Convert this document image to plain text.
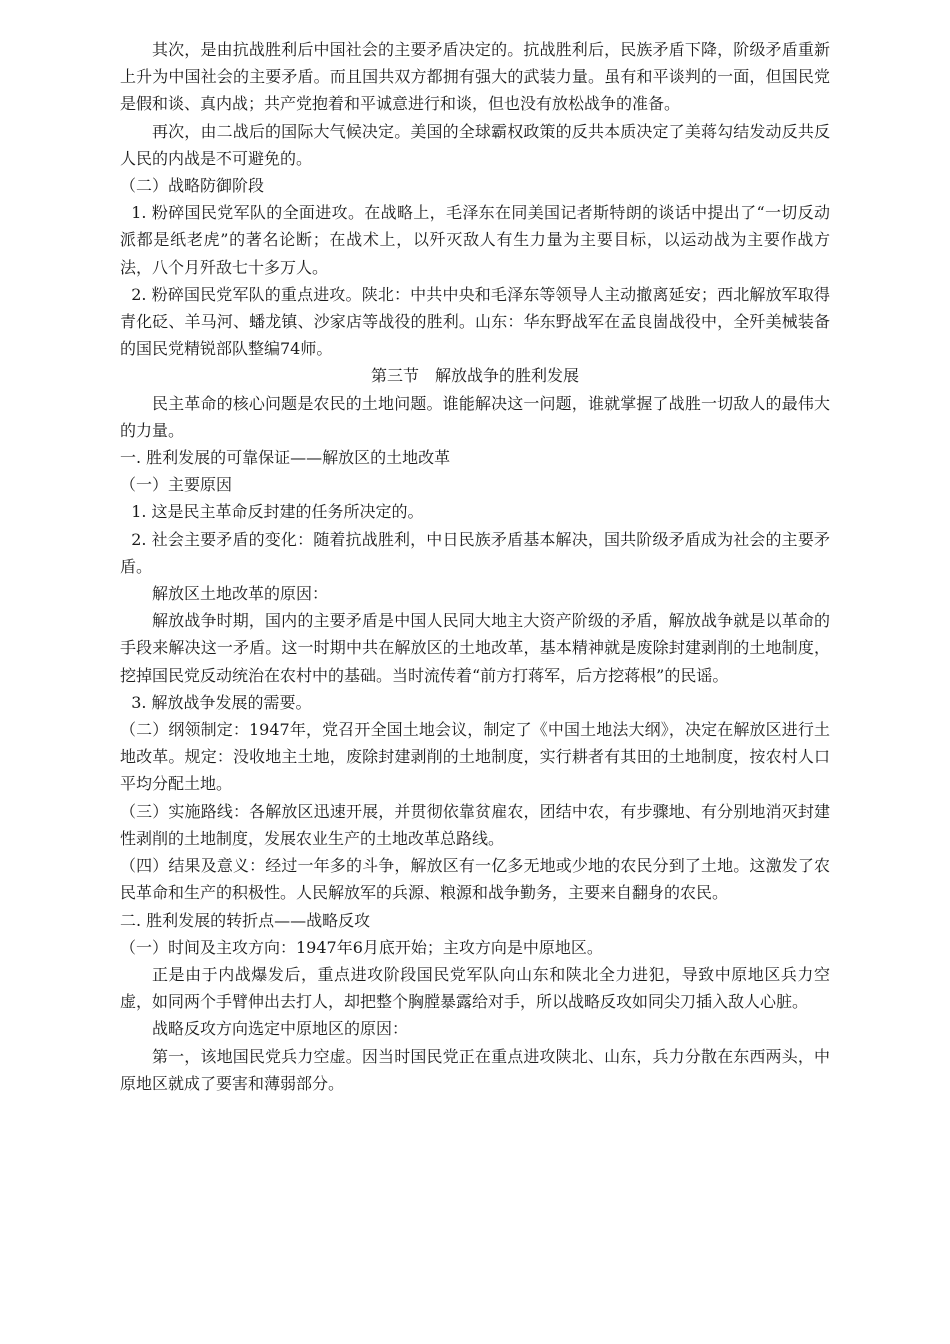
其次，是由抗战胜利后中国社会的主要矛盾决定的。抗战胜利后，民族矛盾下降，阶级矛盾重新上升为中国社会的主要矛盾。而且国共双方都拥有强大的武装力量。虽有和平谈判的一面，但国民党是假和谈、真内战；共产党抱着和平诚意进行和谈，但也没有放松战争的准备。

再次，由二战后的国际大气候决定。美国的全球霸权政策的反共本质决定了美蒋勾结发动反共反人民的内战是不可避免的。

（二）战略防御阶段

1. 粉碎国民党军队的全面进攻。在战略上，毛泽东在同美国记者斯特朗的谈话中提出了“一切反动派都是纸老虎”的著名论断；在战术上，以歼灭敌人有生力量为主要目标，以运动战为主要作战方法，八个月歼敌七十多万人。

2. 粉碎国民党军队的重点进攻。陕北：中共中央和毛泽东等领导人主动撤离延安；西北解放军取得青化砭、羊马河、蟠龙镇、沙家店等战役的胜利。山东：华东野战军在孟良崮战役中，全歼美械装备的国民党精锐部队整编74师。

第三节　解放战争的胜利发展

民主革命的核心问题是农民的土地问题。谁能解决这一问题，谁就掌握了战胜一切敌人的最伟大的力量。

一. 胜利发展的可靠保证——解放区的土地改革

（一）主要原因

1. 这是民主革命反封建的任务所决定的。

2. 社会主要矛盾的变化：随着抗战胜利，中日民族矛盾基本解决，国共阶级矛盾成为社会的主要矛盾。

解放区土地改革的原因：

解放战争时期，国内的主要矛盾是中国人民同大地主大资产阶级的矛盾，解放战争就是以革命的手段来解决这一矛盾。这一时期中共在解放区的土地改革，基本精神就是废除封建剥削的土地制度，挖掉国民党反动统治在农村中的基础。当时流传着“前方打蒋军，后方挖蒋根”的民谣。

3. 解放战争发展的需要。

（二）纲领制定：1947年，党召开全国土地会议，制定了《中国土地法大纲》，决定在解放区进行土地改革。规定：没收地主土地，废除封建剥削的土地制度，实行耕者有其田的土地制度，按农村人口平均分配土地。

（三）实施路线：各解放区迅速开展，并贯彻依靠贫雇农，团结中农，有步骤地、有分别地消灭封建性剥削的土地制度，发展农业生产的土地改革总路线。

（四）结果及意义：经过一年多的斗争，解放区有一亿多无地或少地的农民分到了土地。这激发了农民革命和生产的积极性。人民解放军的兵源、粮源和战争勤务，主要来自翻身的农民。

二. 胜利发展的转折点——战略反攻

（一）时间及主攻方向：1947年6月底开始；主攻方向是中原地区。

正是由于内战爆发后，重点进攻阶段国民党军队向山东和陕北全力进犯，导致中原地区兵力空虚，如同两个手臂伸出去打人，却把整个胸膛暴露给对手，所以战略反攻如同尖刀插入敌人心脏。

战略反攻方向选定中原地区的原因：

第一，该地国民党兵力空虚。因当时国民党正在重点进攻陕北、山东，兵力分散在东西两头，中原地区就成了要害和薄弱部分。
